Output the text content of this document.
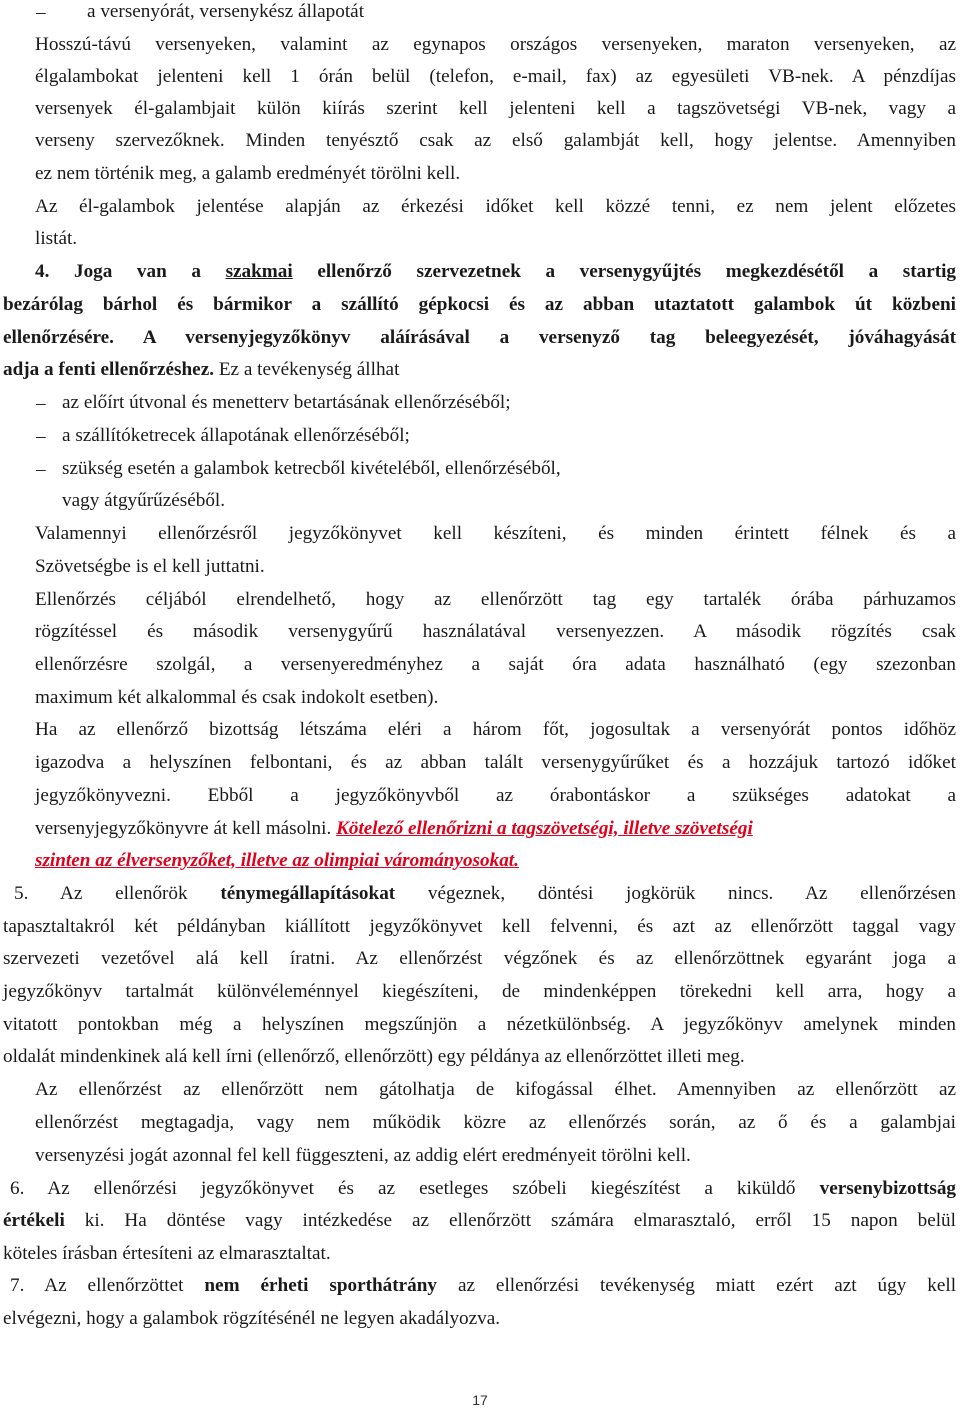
– a versenyórát, versenykész állapotát
Hosszú-távú versenyeken, valamint az egynapos országos versenyeken, maraton versenyeken, az
élgalambokat jelenteni kell 1 órán belül (telefon, e-mail, fax) az egyesületi VB-nek. A pénzdíjas
versenyek él-galambjait külön kiírás szerint kell jelenteni kell a tagszövetségi VB-nek, vagy a
verseny szervezőknek. Minden tenyésztő csak az első galambját kell, hogy jelentse. Amennyiben
ez nem történik meg, a galamb eredményét törölni kell.
Az él-galambok jelentése alapján az érkezési időket kell közzé tenni, ez nem jelent előzetes
listát.
4. Joga van a szakmai ellenőrző szervezetnek a versenygyűjtés megkezdésétől a startig
bezárólag bárhol és bármikor a szállító gépkocsi és az abban utaztatott galambok út közbeni
ellenőrzésére. A versenyjegyzőkönyv aláírásával a versenyző tag beleegyezését, jóváhagyását
adja a fenti ellenőrzéshez. Ez a tevékenység állhat
– az előírt útvonal és menetterv betartásának ellenőrzéséből;
– a szállítóketrecek állapotának ellenőrzéséből;
– szükség esetén a galambok ketrecből kivételéből, ellenőrzéséből,
vagy átgyűrűzéséből.
Valamennyi ellenőrzésről jegyzőkönyvet kell készíteni, és minden érintett félnek és a
Szövetségbe is el kell juttatni.
Ellenőrzés céljából elrendelhető, hogy az ellenőrzött tag egy tartalék órába párhuzamos
rögzítéssel és második versenygyűrű használatával versenyezzen. A második rögzítés csak
ellenőrzésre szolgál, a versenyeredményhez a saját óra adata használható (egy szezonban
maximum két alkalommal és csak indokolt esetben).
Ha az ellenőrző bizottság létszáma eléri a három főt, jogosultak a versenyórát pontos időhöz
igazodva a helyszínen felbontani, és az abban talált versenygyűrűket és a hozzájuk tartozó időket
jegyzőkönyvezni. Ebből a jegyzőkönyvből az órabontáskor a szükséges adatokat a
versenyjegyzőkönyvre át kell másolni. Kötelező ellenőrizni a tagszövetségi, illetve szövetségi
szinten az élversenyzőket, illetve az olimpiai várományosokat.
5. Az ellenőrök ténymegállapításokat végeznek, döntési jogkörük nincs. Az ellenőrzésen
tapasztaltakról két példányban kiállított jegyzőkönyvet kell felvenni, és azt az ellenőrzött taggal vagy
szervezeti vezetővel alá kell íratni. Az ellenőrzést végzőnek és az ellenőrzöttnek egyaránt joga a
jegyzőkönyv tartalmát különvéleménnyel kiegészíteni, de mindenképpen törekedni kell arra, hogy a
vitatott pontokban még a helyszínen megszűnjön a nézetkülönbség. A jegyzőkönyv amelynek minden
oldalát mindenkinek alá kell írni (ellenőrző, ellenőrzött) egy példánya az ellenőrzöttet illeti meg.
Az ellenőrzést az ellenőrzött nem gátolhatja de kifogással élhet. Amennyiben az ellenőrzött az
ellenőrzést megtagadja, vagy nem működik közre az ellenőrzés során, az ő és a galambjai
versenyzési jogát azonnal fel kell függeszteni, az addig elért eredményeit törölni kell.
6. Az ellenőrzési jegyzőkönyvet és az esetleges szóbeli kiegészítést a kiküldő versenybizottság
értékeli ki. Ha döntése vagy intézkedése az ellenőrzött számára elmarasztaló, erről 15 napon belül
köteles írásban értesíteni az elmarasztaltat.
7. Az ellenőrzöttet nem érheti sporthátrány az ellenőrzési tevékenység miatt ezért azt úgy kell
elvégezni, hogy a galambok rögzítésénél ne legyen akadályozva.
17
